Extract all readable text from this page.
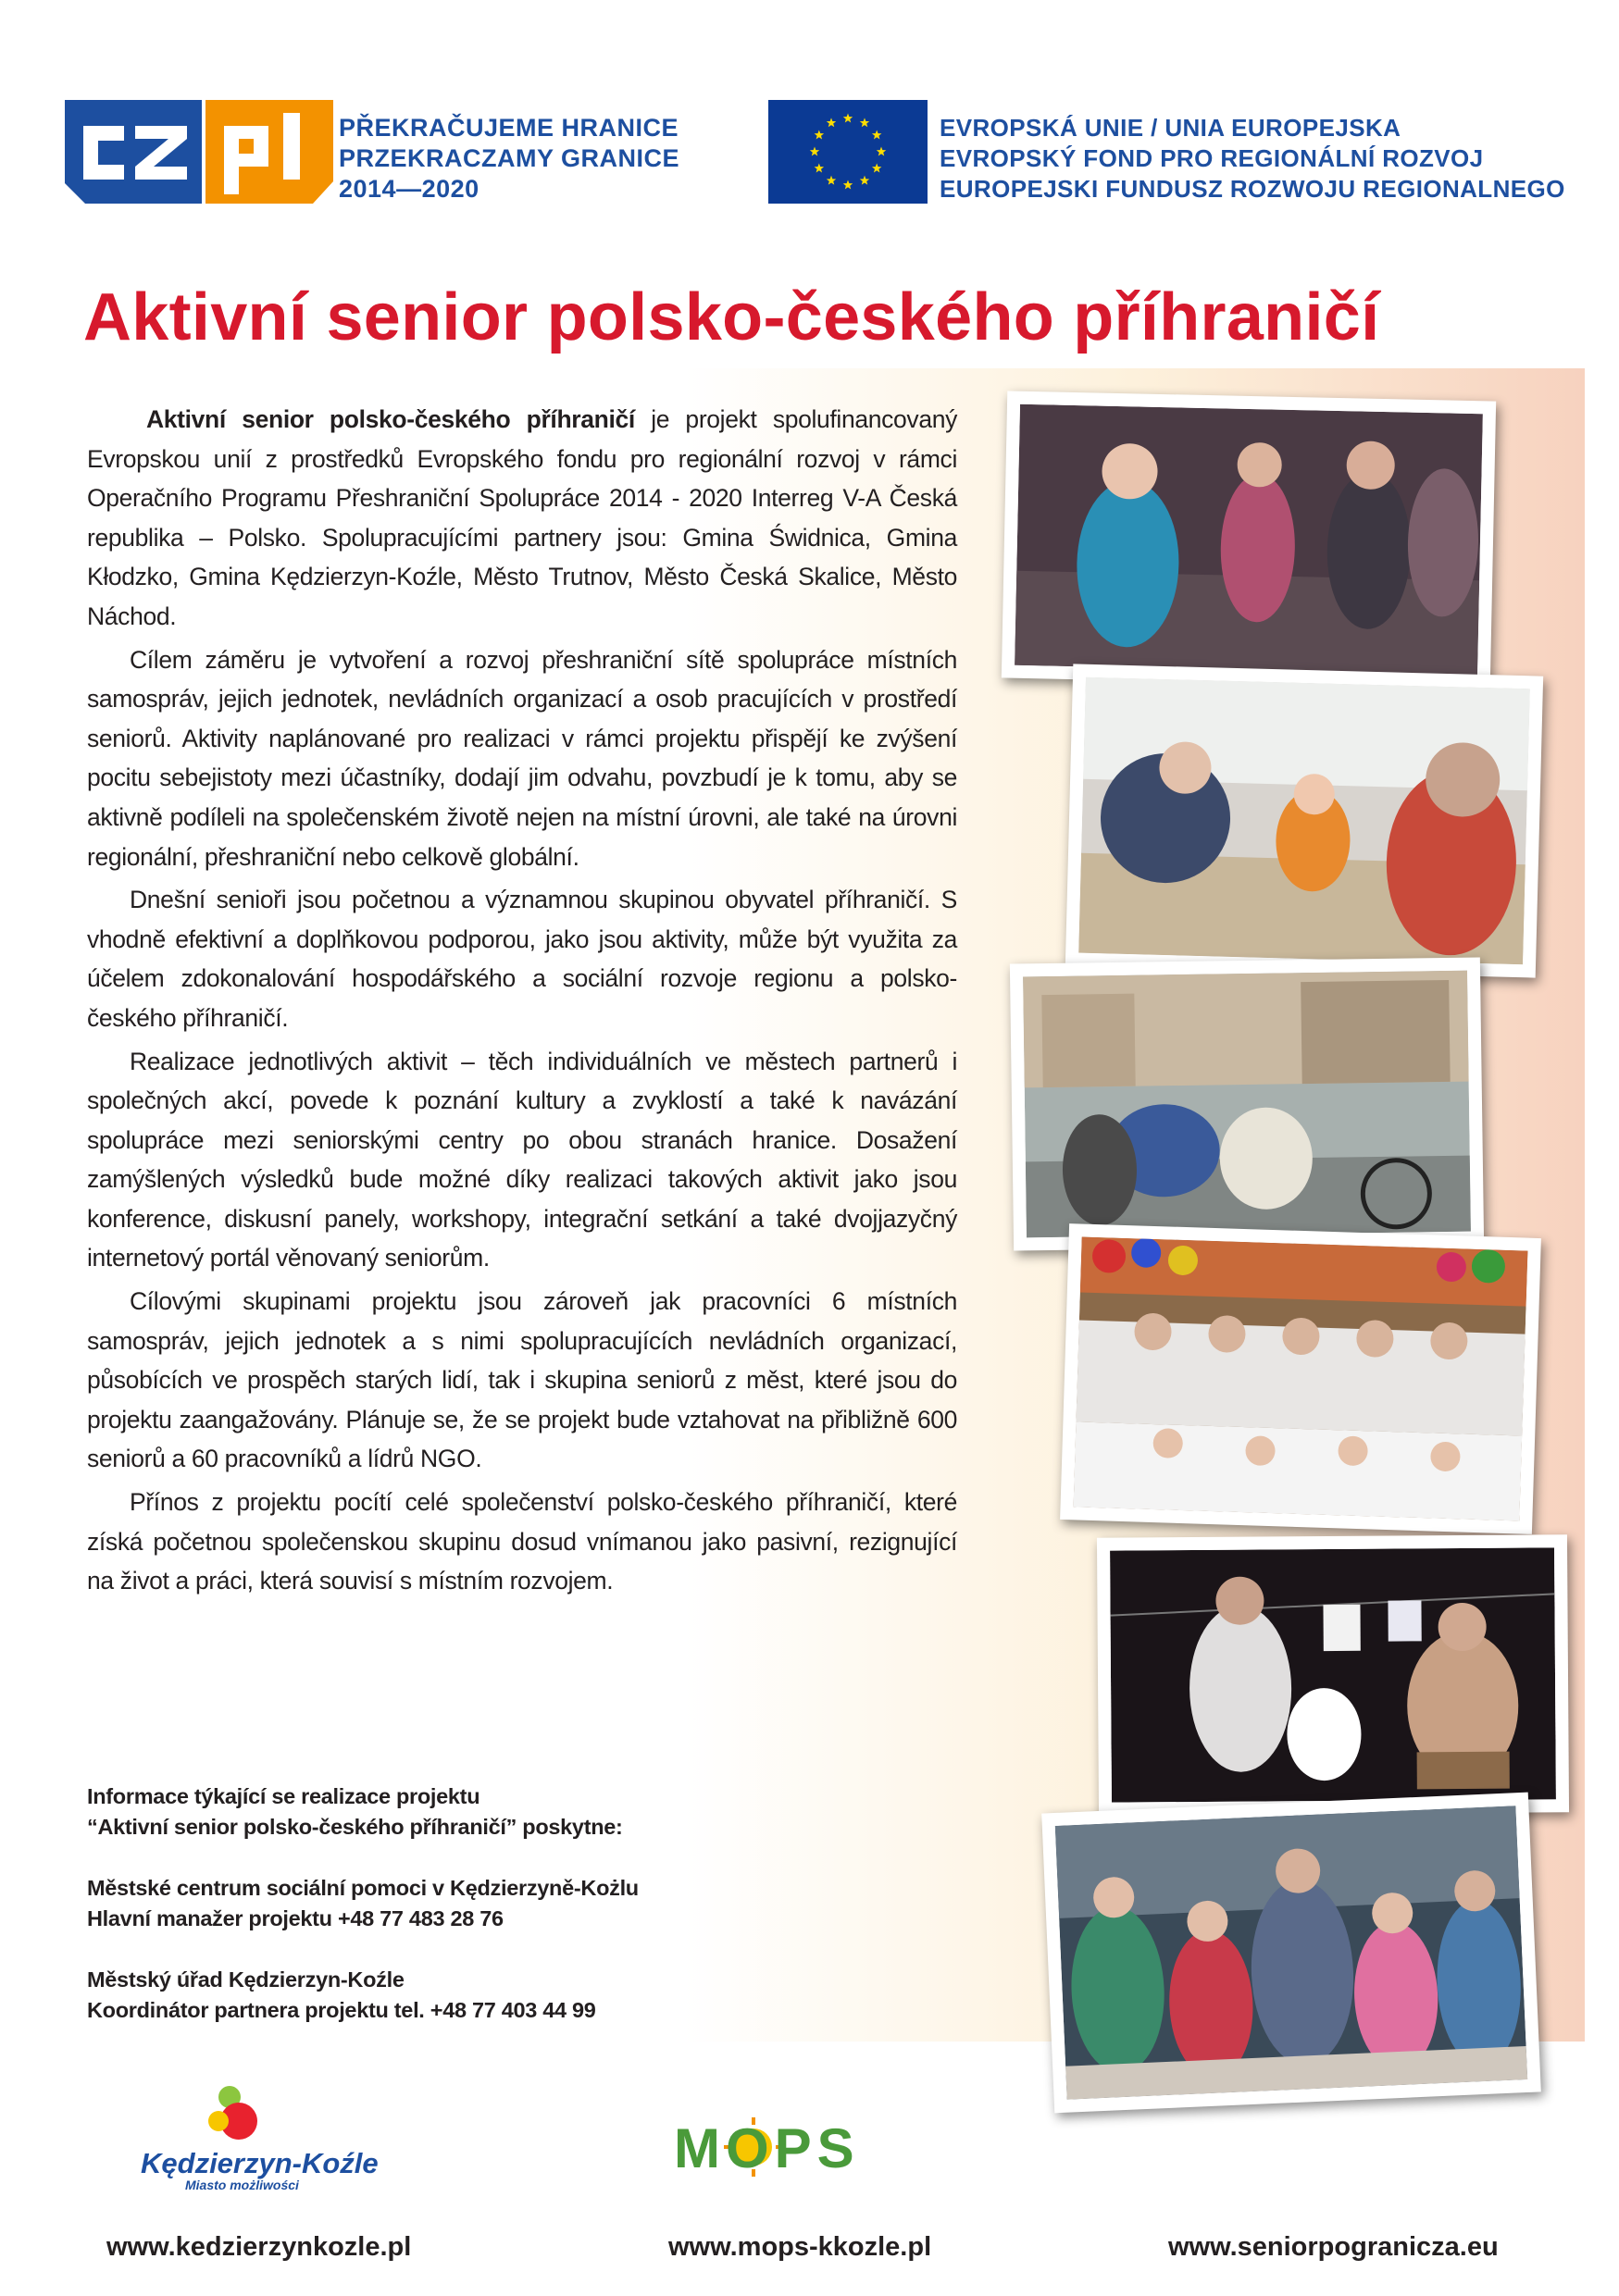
PŘEKRAČUJEME HRANICE
PRZEKRACZAMY GRANICE
2014—2020
EVROPSKÁ UNIE / UNIA EUROPEJSKA
EVROPSKÝ FOND PRO REGIONÁLNÍ ROZVOJ
EUROPEJSKI FUNDUSZ ROZWOJU REGIONALNEGO
Aktivní senior polsko-českého příhraničí

Aktivní senior polsko-českého příhraničí je projekt spolufinancovaný Evropskou unií z prostředků Evropského fondu pro regionální rozvoj v rámci Operačního Programu Přeshraniční Spolupráce 2014 - 2020 Interreg V-A Česká republika – Polsko. Spolupracujícími partnery jsou: Gmina Świdnica, Gmina Kłodzko, Gmina Kędzierzyn-Koźle, Město Trutnov, Město Česká Skalice, Město Náchod.

Cílem záměru je vytvoření a rozvoj přeshraniční sítě spolupráce místních samospráv, jejich jednotek, nevládních organizací a osob pracujících v prostředí seniorů. Aktivity naplánované pro realizaci v rámci projektu přispějí ke zvýšení pocitu sebejistoty mezi účastníky, dodají jim odvahu, povzbudí je k tomu, aby se aktivně podíleli na společenském životě nejen na místní úrovni, ale také na úrovni regionální, přeshraniční nebo celkově globální.

Dnešní senioři jsou početnou a významnou skupinou obyvatel příhraničí. S vhodně efektivní a doplňkovou podporou, jako jsou aktivity, může být využita za účelem zdokonalování hospodářského a sociální rozvoje regionu a polsko-českého příhraničí.

Realizace jednotlivých aktivit – těch individuálních ve městech partnerů i společných akcí, povede k poznání kultury a zvyklostí a také k navázání spolupráce mezi seniorskými centry po obou stranách hranice. Dosažení zamýšlených výsledků bude možné díky realizaci takových aktivit jako jsou konference, diskusní panely, workshopy, integrační setkání a také dvojjazyčný internetový portál věnovaný seniorům.

Cílovými skupinami projektu jsou zároveň jak pracovníci 6 místních samospráv, jejich jednotek a s nimi spolupracujících nevládních organizací, působících ve prospěch starých lidí, tak i skupina seniorů z měst, které jsou do projektu zaangažovány. Plánuje se, že se projekt bude vztahovat na přibližně 600 seniorů a 60 pracovníků a lídrů NGO.

Přínos z projektu pocítí celé společenství polsko-českého příhraničí, které získá početnou společenskou skupinu dosud vnímanou jako pasivní, rezignující na život a práci, která souvisí s místním rozvojem.

Informace týkající se realizace projektu
“Aktivní senior polsko-českého příhraničí” poskytne:
Městské centrum sociální pomoci v Kędzierzyně-Kożlu
Hlavní manažer projektu +48 77 483 28 76
Městský úřad Kędzierzyn-Koźle
Koordinátor partnera projektu tel. +48 77 403 44 99
Kędzierzyn-Koźle
Miasto możliwości
MOPS
www.kedzierzynkozle.pl	www.mops-kkozle.pl	www.seniorpogranicza.eu
